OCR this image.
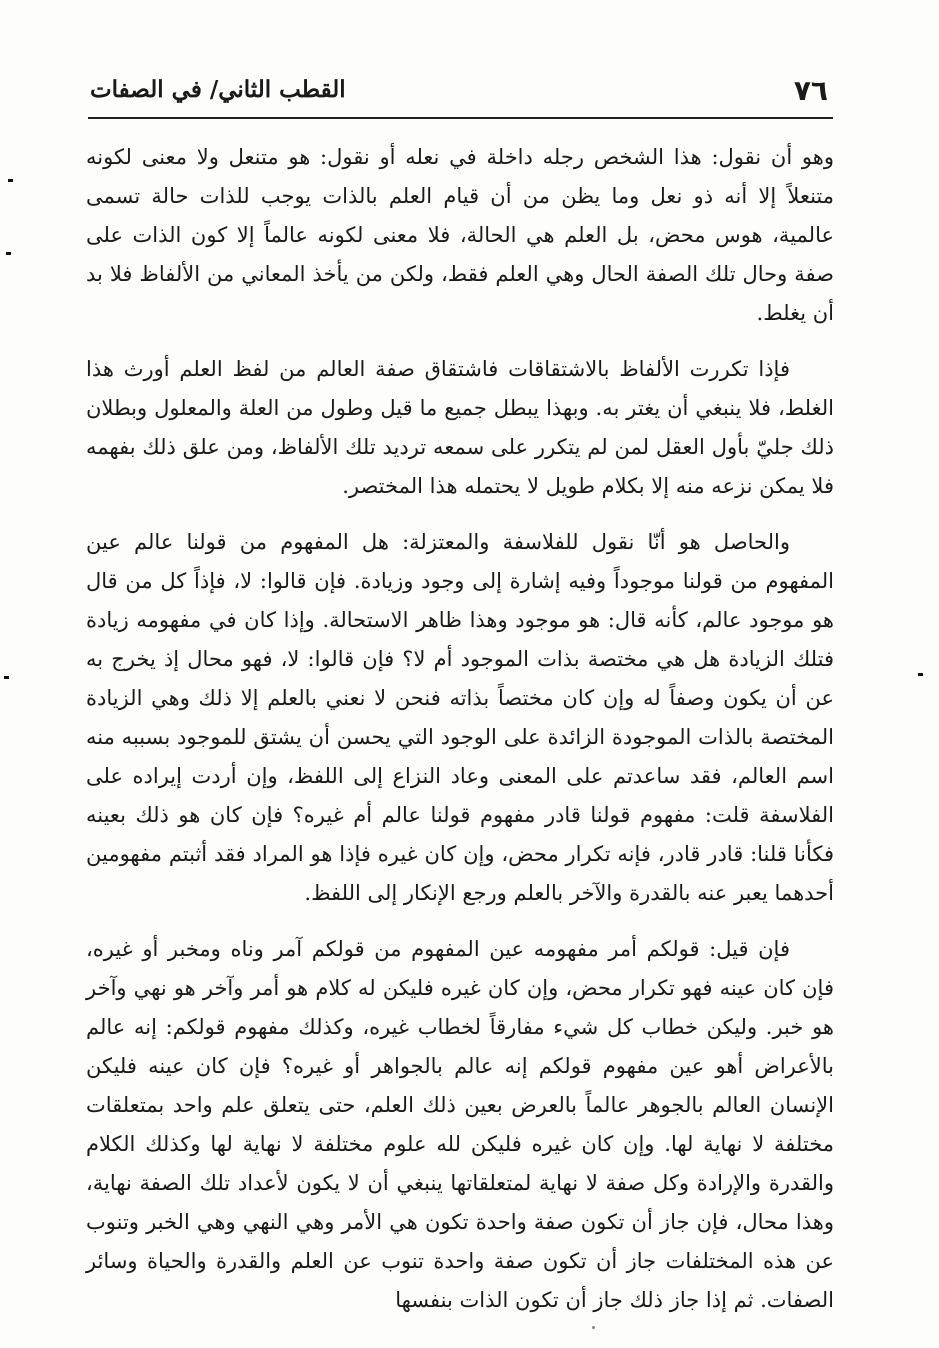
٧٦
القطب الثاني/ في الصفات

وهو أن نقول: هذا الشخص رجله داخلة في نعله أو نقول: هو متنعل ولا معنى لكونه متنعلاً إلا أنه ذو نعل وما يظن من أن قيام العلم بالذات يوجب للذات حالة تسمى عالمية، هوس محض، بل العلم هي الحالة، فلا معنى لكونه عالماً إلا كون الذات على صفة وحال تلك الصفة الحال وهي العلم فقط، ولكن من يأخذ المعاني من الألفاظ فلا بد أن يغلط.

فإذا تكررت الألفاظ بالاشتقاقات فاشتقاق صفة العالم من لفظ العلم أورث هذا الغلط، فلا ينبغي أن يغتر به. وبهذا يبطل جميع ما قيل وطول من العلة والمعلول وبطلان ذلك جليّ بأول العقل لمن لم يتكرر على سمعه ترديد تلك الألفاظ، ومن علق ذلك بفهمه فلا يمكن نزعه منه إلا بكلام طويل لا يحتمله هذا المختصر.

والحاصل هو أنّا نقول للفلاسفة والمعتزلة: هل المفهوم من قولنا عالم عين المفهوم من قولنا موجوداً وفيه إشارة إلى وجود وزيادة. فإن قالوا: لا، فإذاً كل من قال هو موجود عالم، كأنه قال: هو موجود وهذا ظاهر الاستحالة. وإذا كان في مفهومه زيادة فتلك الزيادة هل هي مختصة بذات الموجود أم لا؟ فإن قالوا: لا، فهو محال إذ يخرج به عن أن يكون وصفاً له وإن كان مختصاً بذاته فنحن لا نعني بالعلم إلا ذلك وهي الزيادة المختصة بالذات الموجودة الزائدة على الوجود التي يحسن أن يشتق للموجود بسببه منه اسم العالم، فقد ساعدتم على المعنى وعاد النزاع إلى اللفظ، وإن أردت إيراده على الفلاسفة قلت: مفهوم قولنا قادر مفهوم قولنا عالم أم غيره؟ فإن كان هو ذلك بعينه فكأنا قلنا: قادر قادر، فإنه تكرار محض، وإن كان غيره فإذا هو المراد فقد أثبتم مفهومين أحدهما يعبر عنه بالقدرة والآخر بالعلم ورجع الإنكار إلى اللفظ.

فإن قيل: قولكم أمر مفهومه عين المفهوم من قولكم آمر وناه ومخبر أو غيره، فإن كان عينه فهو تكرار محض، وإن كان غيره فليكن له كلام هو أمر وآخر هو نهي وآخر هو خبر. وليكن خطاب كل شيء مفارقاً لخطاب غيره، وكذلك مفهوم قولكم: إنه عالم بالأعراض أهو عين مفهوم قولكم إنه عالم بالجواهر أو غيره؟ فإن كان عينه فليكن الإنسان العالم بالجوهر عالماً بالعرض بعين ذلك العلم، حتى يتعلق علم واحد بمتعلقات مختلفة لا نهاية لها. وإن كان غيره فليكن لله علوم مختلفة لا نهاية لها وكذلك الكلام والقدرة والإرادة وكل صفة لا نهاية لمتعلقاتها ينبغي أن لا يكون لأعداد تلك الصفة نهاية، وهذا محال، فإن جاز أن تكون صفة واحدة تكون هي الأمر وهي النهي وهي الخبر وتنوب عن هذه المختلفات جاز أن تكون صفة واحدة تنوب عن العلم والقدرة والحياة وسائر الصفات. ثم إذا جاز ذلك جاز أن تكون الذات بنفسها
